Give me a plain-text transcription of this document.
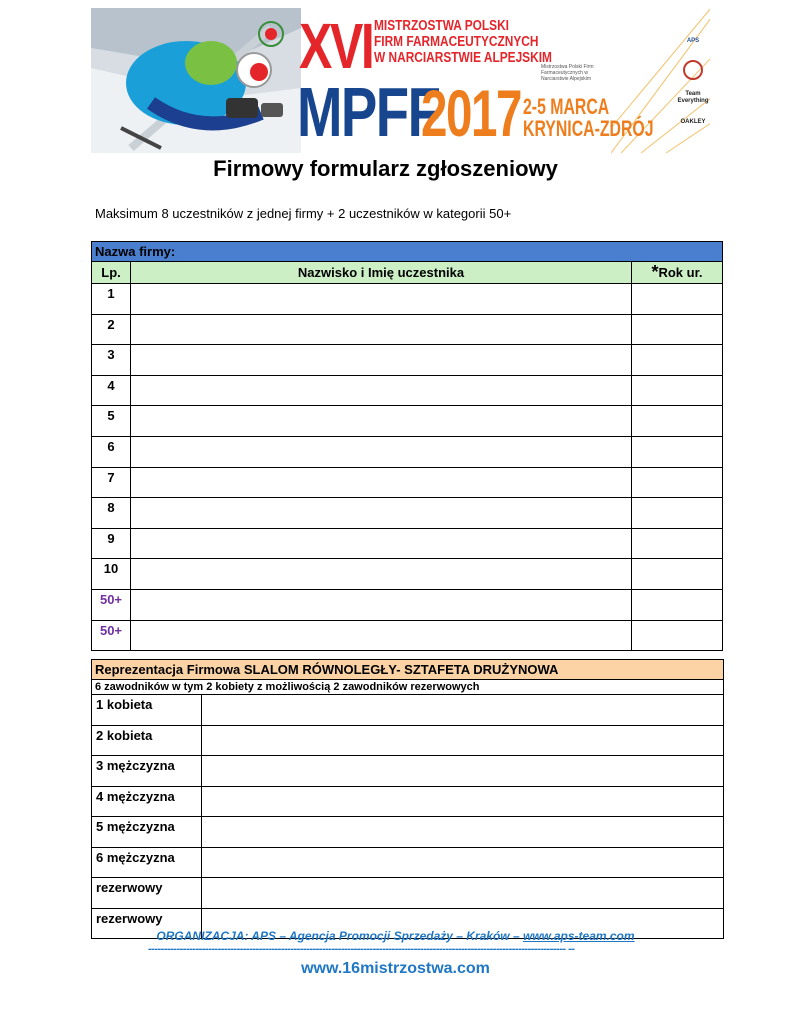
XVI MISTRZOSTWA POLSKI
FIRM FARMACEUTYCZNYCH
W NARCIARSTWIE ALPEJSKIM
MPFF
2017
Mistrzostwa Polski Firm Farmaceutycznych w Narciarstwie Alpejskim
2-5 MARCA
KRYNICA-ZDRÓJ
APS
Team Everything
OAKLEY
Firmowy formularz zgłoszeniowy
Maksimum 8 uczestników z jednej firmy + 2 uczestników w kategorii 50+
Nazwa firmy:		
Lp.	Nazwisko i Imię uczestnika	*Rok ur.
1		
2		
3		
4		
5		
6		
7		
8		
9		
10		
50+		
50+		
Reprezentacja Firmowa SLALOM RÓWNOLEGŁY- SZTAFETA DRUŻYNOWA	
6 zawodników w tym 2 kobiety z możliwością 2 zawodników rezerwowych	
1 kobieta	
2 kobieta	
3 mężczyzna	
4 mężczyzna	
5 mężczyzna	
6 mężczyzna	
rezerwowy	
rezerwowy	
ORGANIZACJA: APS – Agencja Promocji Sprzedaży – Kraków – www.aps-team.com
------------------------------------------------------------------------------------------------------------------------------------ --
www.16mistrzostwa.com
